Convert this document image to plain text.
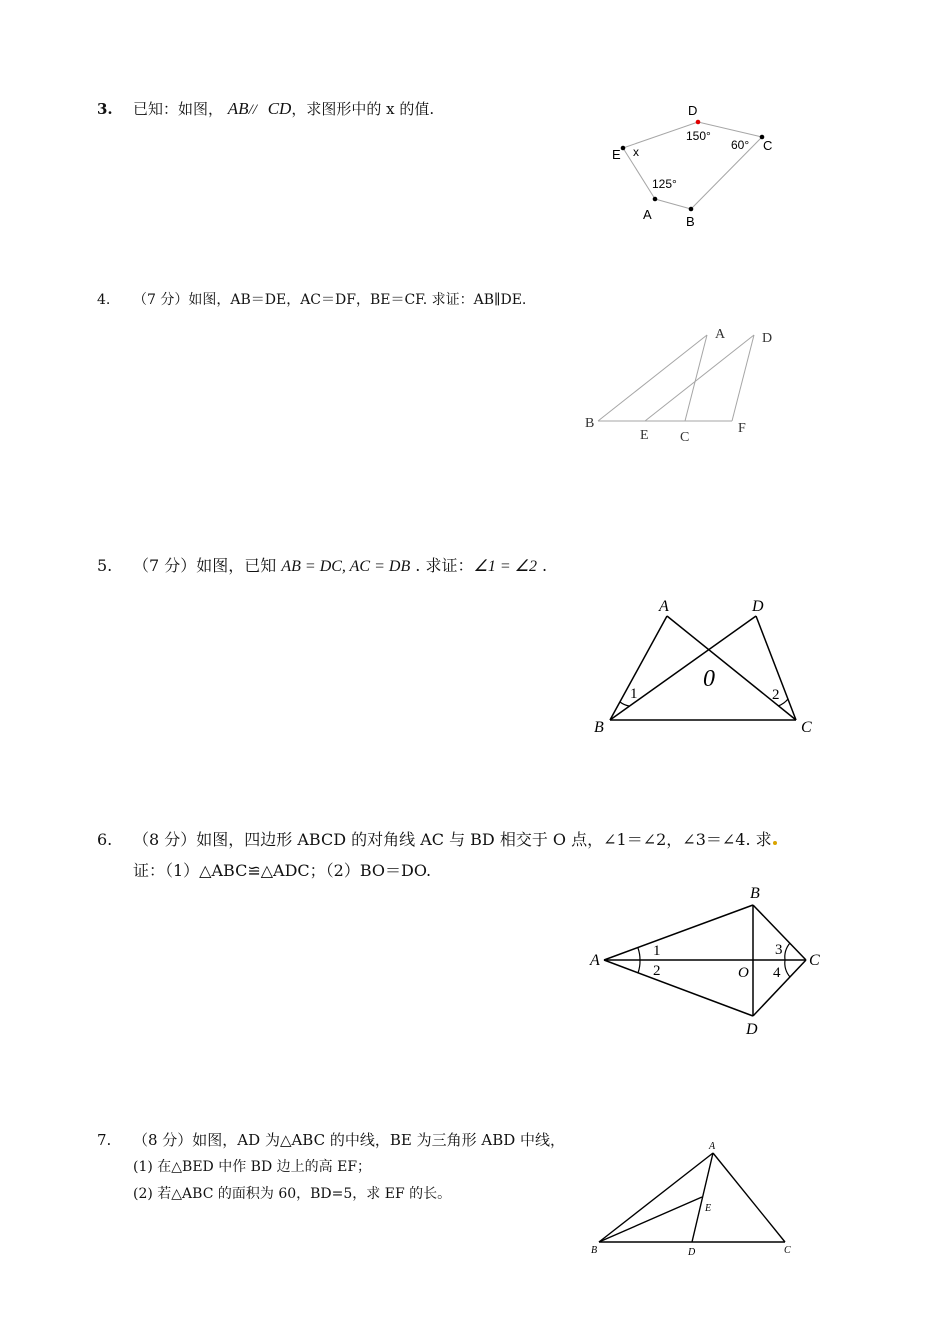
3. 已知：如图， AB// CD，求图形中的 x 的值.	D
150°
60° C
E x
125°
A	B
4. （7 分）如图，AB＝DE，AC＝DF，BE＝CF. 求证：AB∥DE.
A	D
B
E C
F
5. （7 分）如图，已知 AB = DC, AC = DB . 求证：∠1 = ∠2 .
A	D
0
1	2
B	C
6. （8 分）如图，四边形 ABCD 的对角线 AC 与 BD 相交于 O 点，∠1＝∠2，∠3＝∠4. 求
证：（1）△ABC≌△ADC；（2）BO＝DO.
B
A
1
2
3
4
O
C
D
7. （8 分）如图，AD 为△ABC 的中线，BE 为三角形 ABD 中线，
(1) 在△BED 中作 BD 边上的高 EF；
(2) 若△ABC 的面积为 60，BD=5，求 EF 的长。
A
E
B	D	C
